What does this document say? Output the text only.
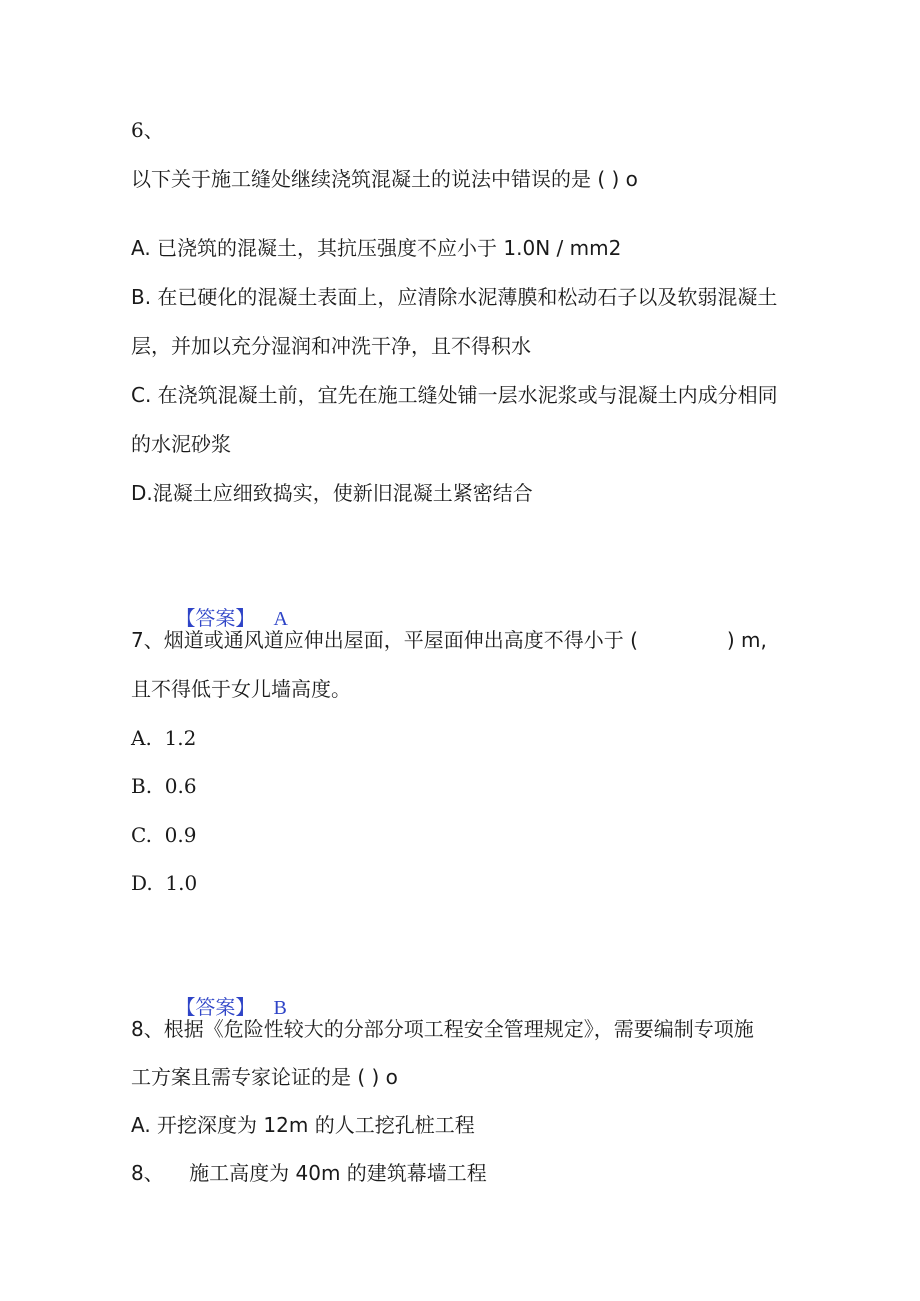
6、
以下关于施工缝处继续浇筑混凝土的说法中错误的是 ( ) o
A. 已浇筑的混凝土，其抗压强度不应小于 1.0N / mm2
B. 在已硬化的混凝土表面上，应清除水泥薄膜和松动石子以及软弱混凝土
层，并加以充分湿润和冲洗干净，且不得积水
C. 在浇筑混凝土前，宜先在施工缝处铺一层水泥浆或与混凝土内成分相同
的水泥砂浆
D.混凝土应细致捣实，使新旧混凝土紧密结合

【答案】 A

7、烟道或通风道应伸出屋面，平屋面伸出高度不得小于 (              ) m,
且不得低于女儿墙高度。
A.  1.2
B.  0.6
C.  0.9
D.  1.0

【答案】 B

8、根据《危险性较大的分部分项工程安全管理规定》，需要编制专项施
工方案且需专家论证的是 ( ) o
A. 开挖深度为 12m 的人工挖孔桩工程
8、    施工高度为 40m 的建筑幕墙工程
